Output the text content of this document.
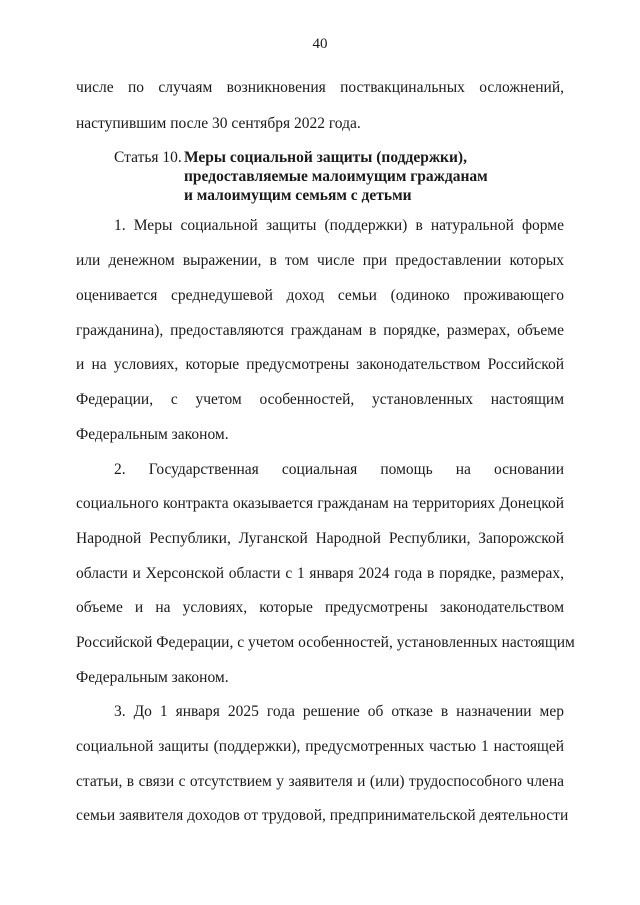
40
числе по случаям возникновения поствакцинальных осложнений,
наступившим после 30 сентября 2022 года.
Статья 10. Меры социальной защиты (поддержки),
предоставляемые малоимущим гражданам
и малоимущим семьям с детьми
1. Меры социальной защиты (поддержки) в натуральной форме
или денежном выражении, в том числе при предоставлении которых
оценивается среднедушевой доход семьи (одиноко проживающего
гражданина), предоставляются гражданам в порядке, размерах, объеме
и на условиях, которые предусмотрены законодательством Российской
Федерации, с учетом особенностей, установленных настоящим
Федеральным законом.
2. Государственная социальная помощь на основании
социального контракта оказывается гражданам на территориях Донецкой
Народной Республики, Луганской Народной Республики, Запорожской
области и Херсонской области с 1 января 2024 года в порядке, размерах,
объеме и на условиях, которые предусмотрены законодательством
Российской Федерации, с учетом особенностей, установленных настоящим
Федеральным законом.
3. До 1 января 2025 года решение об отказе в назначении мер
социальной защиты (поддержки), предусмотренных частью 1 настоящей
статьи, в связи с отсутствием у заявителя и (или) трудоспособного члена
семьи заявителя доходов от трудовой, предпринимательской деятельности
